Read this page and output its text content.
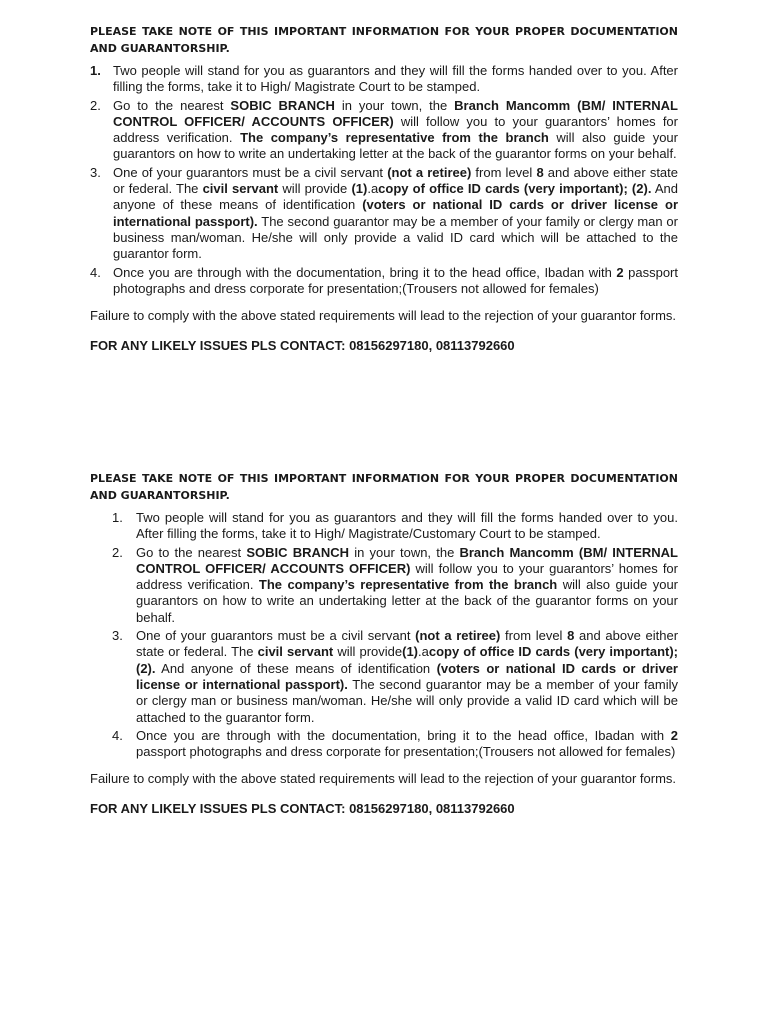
PLEASE TAKE NOTE OF THIS IMPORTANT INFORMATION FOR YOUR PROPER DOCUMENTATION AND GUARANTORSHIP.

1. Two people will stand for you as guarantors and they will fill the forms handed over to you. After filling the forms, take it to High/ Magistrate Court to be stamped.
2. Go to the nearest SOBIC BRANCH in your town, the Branch Mancomm (BM/ INTERNAL CONTROL OFFICER/ ACCOUNTS OFFICER) will follow you to your guarantors’ homes for address verification. The company’s representative from the branch will also guide your guarantors on how to write an undertaking letter at the back of the guarantor forms on your behalf.
3. One of your guarantors must be a civil servant (not a retiree) from level 8 and above either state or federal. The civil servant will provide (1).acopy of office ID cards (very important); (2). And anyone of these means of identification (voters or national ID cards or driver license or international passport). The second guarantor may be a member of your family or clergy man or business man/woman. He/she will only provide a valid ID card which will be attached to the guarantor form.
4. Once you are through with the documentation, bring it to the head office, Ibadan with 2 passport photographs and dress corporate for presentation;(Trousers not allowed for females)

Failure to comply with the above stated requirements will lead to the rejection of your guarantor forms.

FOR ANY LIKELY ISSUES PLS CONTACT: 08156297180, 08113792660

PLEASE TAKE NOTE OF THIS IMPORTANT INFORMATION FOR YOUR PROPER DOCUMENTATION AND GUARANTORSHIP.

1. Two people will stand for you as guarantors and they will fill the forms handed over to you. After filling the forms, take it to High/ Magistrate/Customary Court to be stamped.
2. Go to the nearest SOBIC BRANCH in your town, the Branch Mancomm (BM/ INTERNAL CONTROL OFFICER/ ACCOUNTS OFFICER) will follow you to your guarantors’ homes for address verification. The company’s representative from the branch will also guide your guarantors on how to write an undertaking letter at the back of the guarantor forms on your behalf.
3. One of your guarantors must be a civil servant (not a retiree) from level 8 and above either state or federal. The civil servant will provide(1).acopy of office ID cards (very important); (2). And anyone of these means of identification (voters or national ID cards or driver license or international passport). The second guarantor may be a member of your family or clergy man or business man/woman. He/she will only provide a valid ID card which will be attached to the guarantor form.
4. Once you are through with the documentation, bring it to the head office, Ibadan with 2 passport photographs and dress corporate for presentation;(Trousers not allowed for females)

Failure to comply with the above stated requirements will lead to the rejection of your guarantor forms.

FOR ANY LIKELY ISSUES PLS CONTACT: 08156297180, 08113792660
